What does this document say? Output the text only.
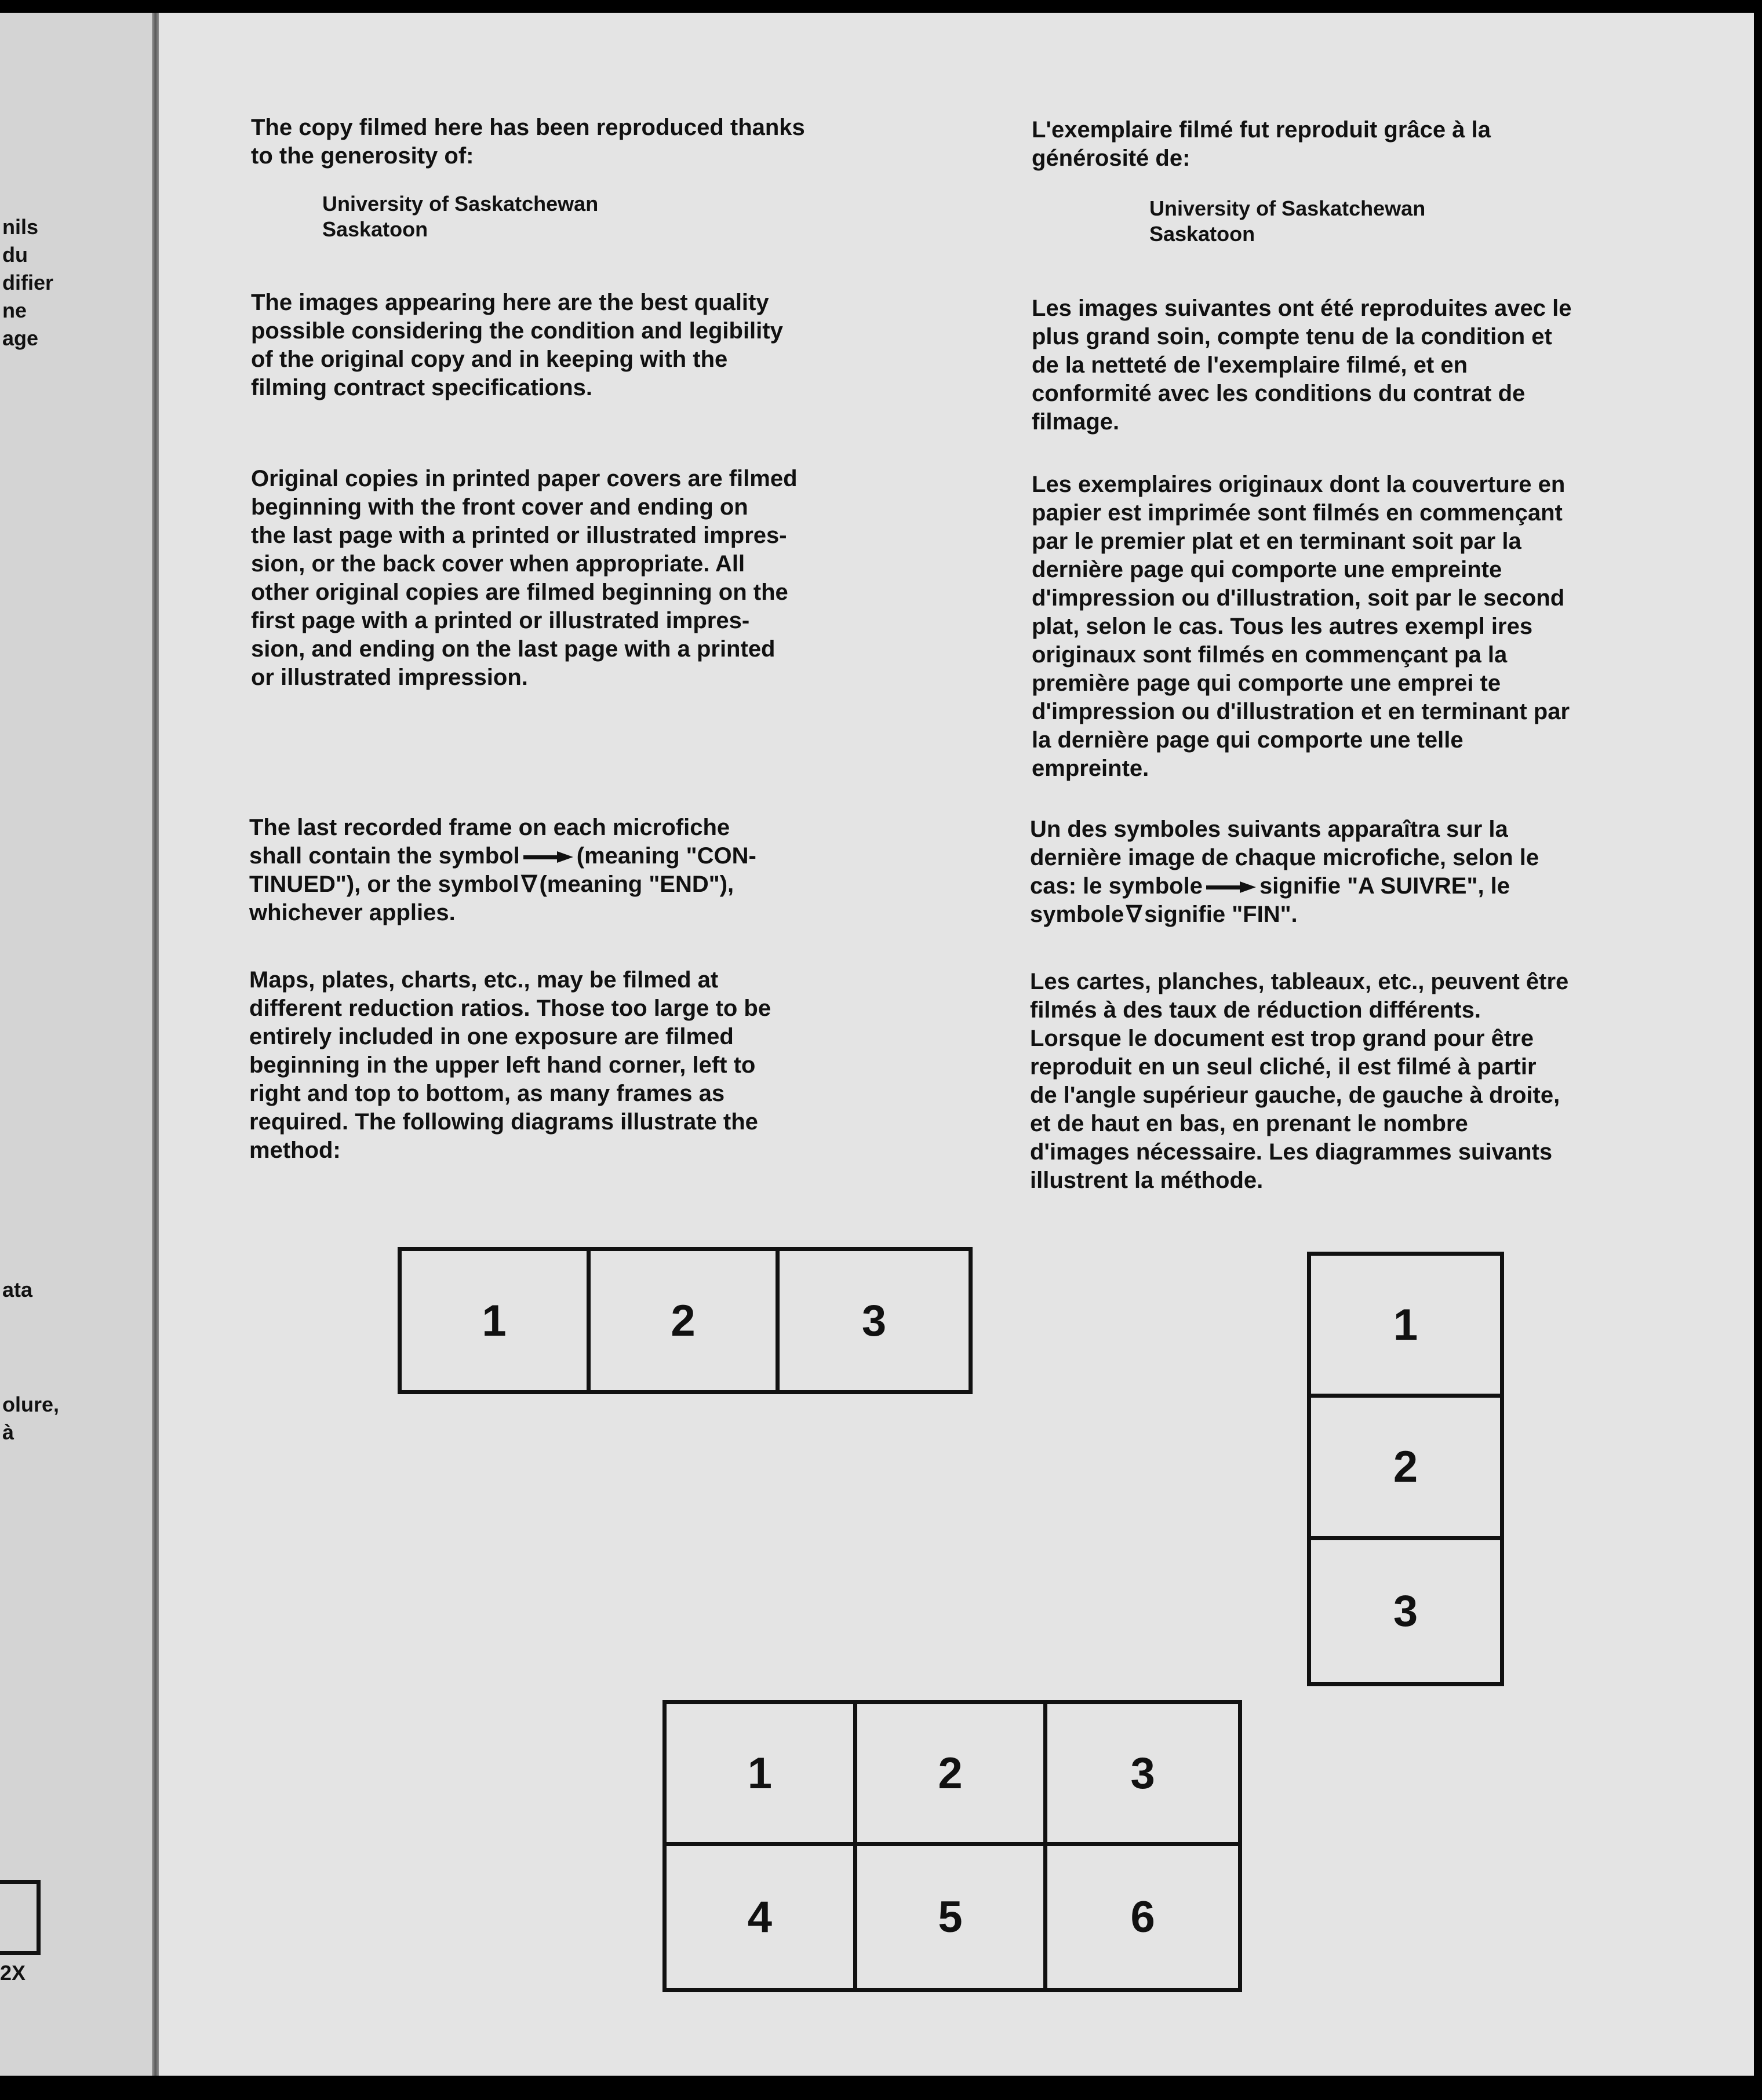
nils
du
difier
ne
age
ata
olure,
à
2X
The copy filmed here has been reproduced thanks
to the generosity of:
University of Saskatchewan
Saskatoon
The images appearing here are the best quality
possible considering the condition and legibility
of the original copy and in keeping with the
filming contract specifications.
Original copies in printed paper covers are filmed
beginning with the front cover and ending on
the last page with a printed or illustrated impres-
sion, or the back cover when appropriate. All
other original copies are filmed beginning on the
first page with a printed or illustrated impres-
sion, and ending on the last page with a printed
or illustrated impression.
The last recorded frame on each microfiche
shall contain the symbol (meaning "CON-
TINUED"), or the symbol ∇ (meaning "END"),
whichever applies.
Maps, plates, charts, etc., may be filmed at
different reduction ratios. Those too large to be
entirely included in one exposure are filmed
beginning in the upper left hand corner, left to
right and top to bottom, as many frames as
required. The following diagrams illustrate the
method:
L'exemplaire filmé fut reproduit grâce à la
générosité de:
University of Saskatchewan
Saskatoon
Les images suivantes ont été reproduites avec le
plus grand soin, compte tenu de la condition et
de la netteté de l'exemplaire filmé, et en
conformité avec les conditions du contrat de
filmage.
Les exemplaires originaux dont la couverture en
papier est imprimée sont filmés en commençant
par le premier plat et en terminant soit par la
dernière page qui comporte une empreinte
d'impression ou d'illustration, soit par le second
plat, selon le cas. Tous les autres exempl ires
originaux sont filmés en commençant pa la
première page qui comporte une emprei te
d'impression ou d'illustration et en terminant par
la dernière page qui comporte une telle
empreinte.
Un des symboles suivants apparaîtra sur la
dernière image de chaque microfiche, selon le
cas: le symbole signifie "A SUIVRE", le
symbole ∇ signifie "FIN".
Les cartes, planches, tableaux, etc., peuvent être
filmés à des taux de réduction différents.
Lorsque le document est trop grand pour être
reproduit en un seul cliché, il est filmé à partir
de l'angle supérieur gauche, de gauche à droite,
et de haut en bas, en prenant le nombre
d'images nécessaire. Les diagrammes suivants
illustrent la méthode.
1	2	3	1
2
3
1	2	3
4	5	6
